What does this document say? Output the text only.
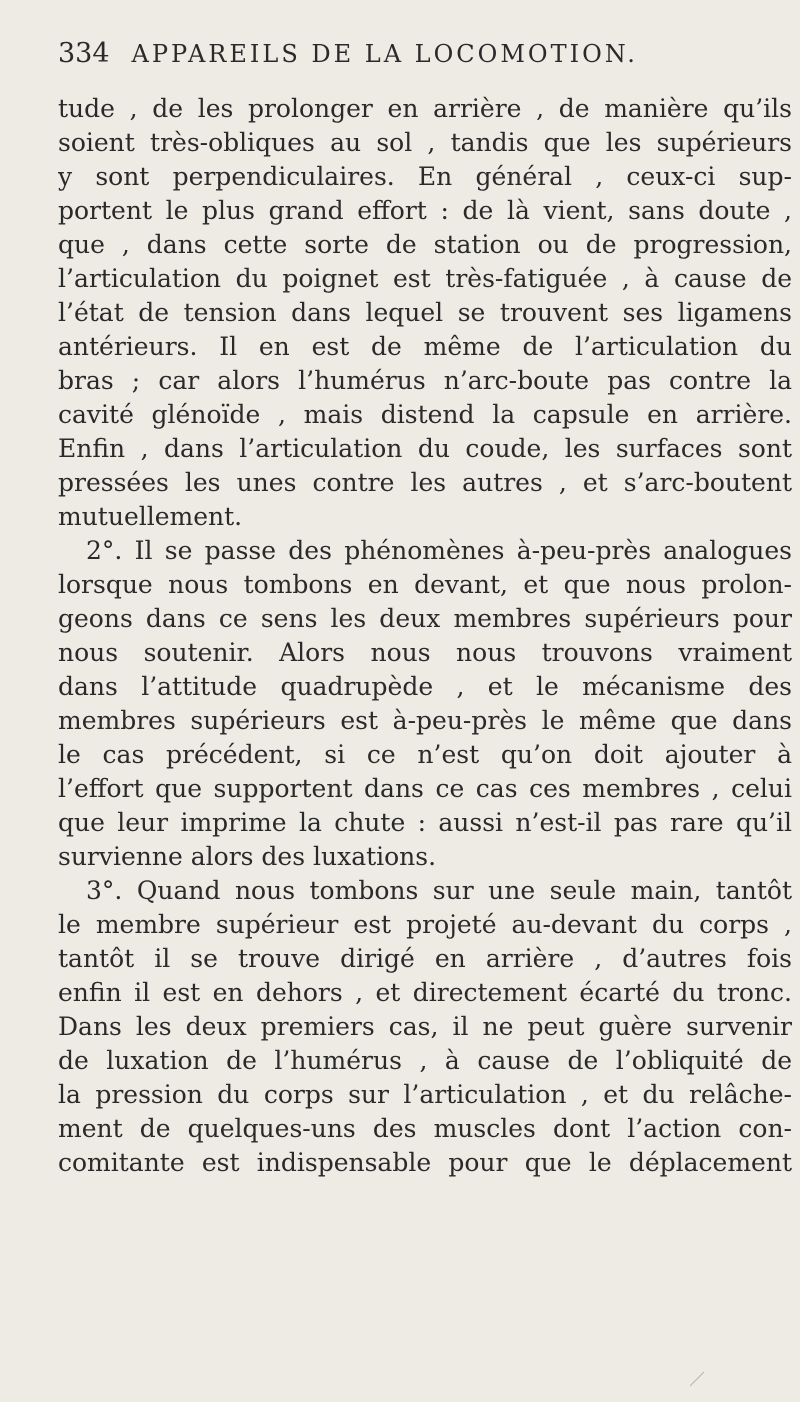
334 APPAREILS DE LA LOCOMOTION.
tude , de les prolonger en arrière , de manière qu’ils
soient très-obliques au sol , tandis que les supérieurs
y sont perpendiculaires. En général , ceux-ci sup-
portent le plus grand effort : de là vient, sans doute ,
que , dans cette sorte de station ou de progression,
l’articulation du poignet est très-fatiguée , à cause de
l’état de tension dans lequel se trouvent ses ligamens
antérieurs. Il en est de même de l’articulation du
bras ; car alors l’humérus n’arc-boute pas contre la
cavité glénoïde , mais distend la capsule en arrière.
Enfin , dans l’articulation du coude, les surfaces sont
pressées les unes contre les autres , et s’arc-boutent
mutuellement.
2°. Il se passe des phénomènes à-peu-près analogues
lorsque nous tombons en devant, et que nous prolon-
geons dans ce sens les deux membres supérieurs pour
nous soutenir. Alors nous nous trouvons vraiment
dans l’attitude quadrupède , et le mécanisme des
membres supérieurs est à-peu-près le même que dans
le cas précédent, si ce n’est qu’on doit ajouter à
l’effort que supportent dans ce cas ces membres , celui
que leur imprime la chute : aussi n’est-il pas rare qu’il
survienne alors des luxations.
3°. Quand nous tombons sur une seule main, tantôt
le membre supérieur est projeté au-devant du corps ,
tantôt il se trouve dirigé en arrière , d’autres fois
enfin il est en dehors , et directement écarté du tronc.
Dans les deux premiers cas, il ne peut guère survenir
de luxation de l’humérus , à cause de l’obliquité de
la pression du corps sur l’articulation , et du relâche-
ment de quelques-uns des muscles dont l’action con-
comitante est indispensable pour que le déplacement
